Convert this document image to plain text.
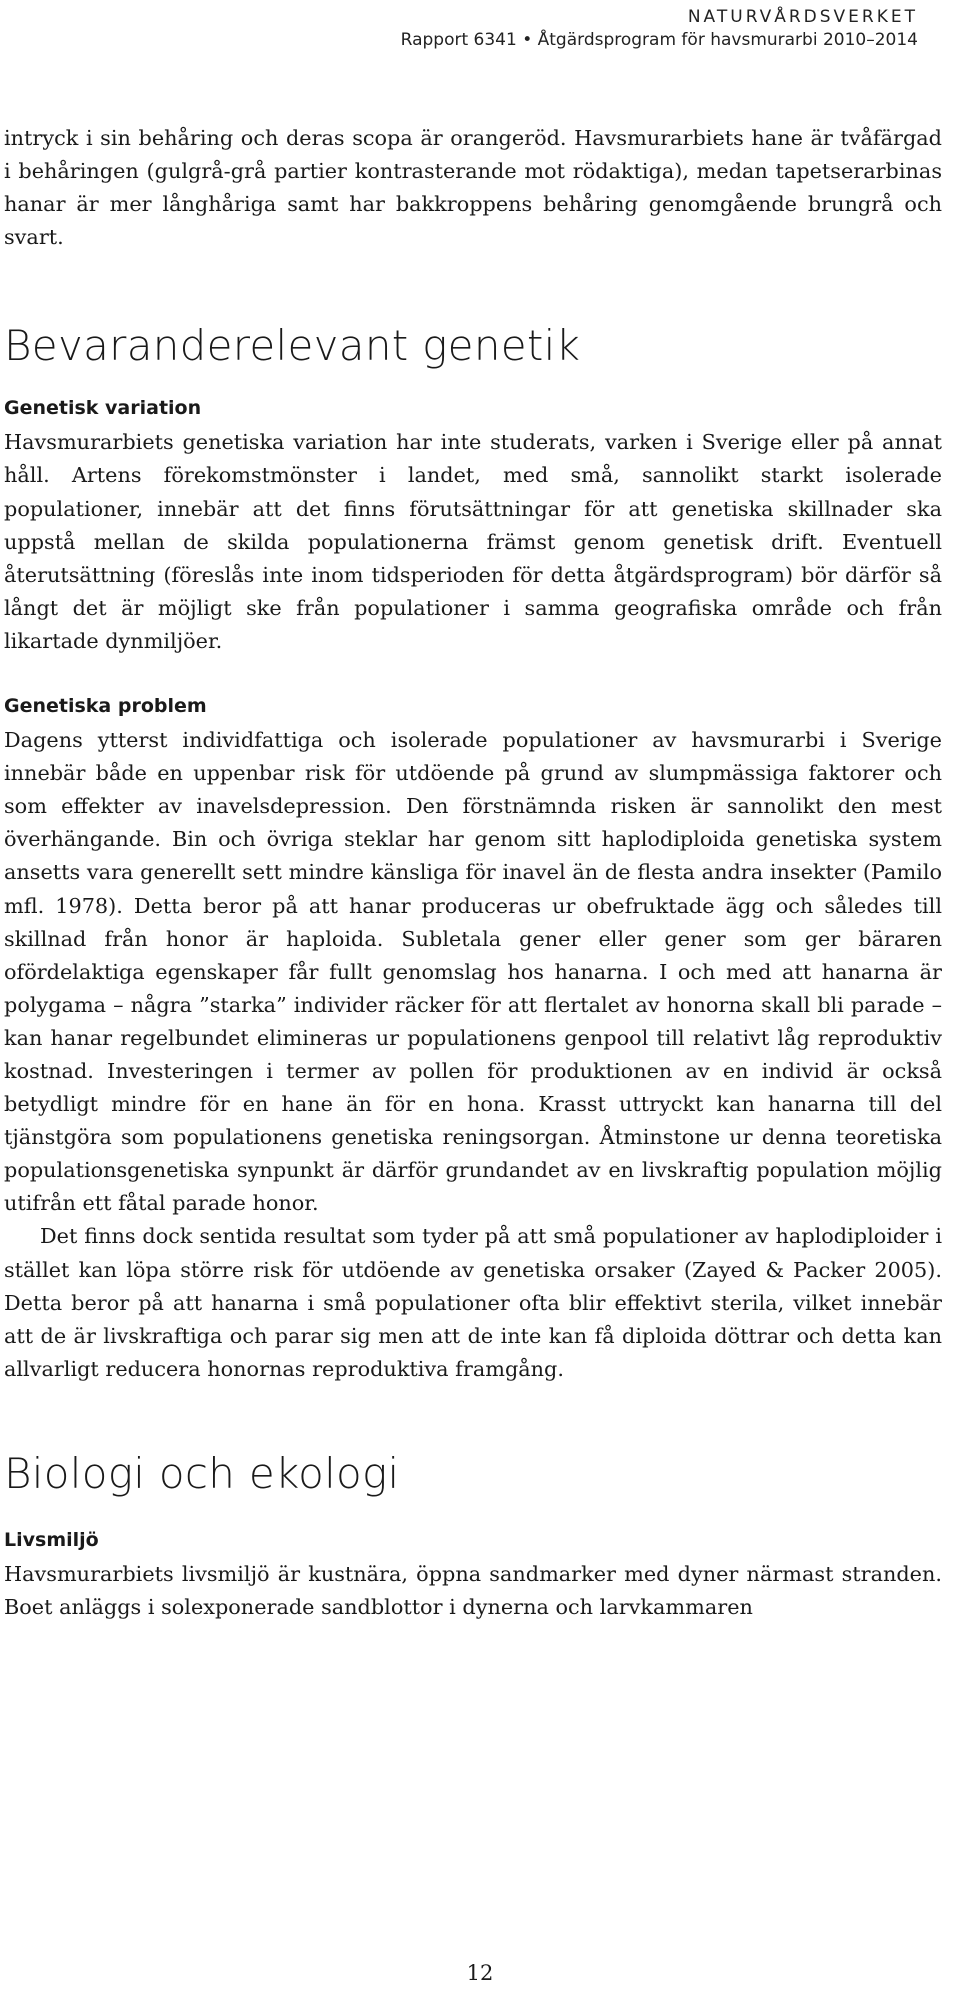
NATURVÅRDSVERKET
Rapport 6341 • Åtgärdsprogram för havsmurarbi 2010–2014

intryck i sin behåring och deras scopa är orangeröd. Havsmurarbiets hane är tvåfärgad i behåringen (gulgrå-grå partier kontrasterande mot rödaktiga), medan tapetserarbinas hanar är mer långhåriga samt har bakkroppens behåring genomgående brungrå och svart.

Bevaranderelevant genetik
Genetisk variation

Havsmurarbiets genetiska variation har inte studerats, varken i Sverige eller på annat håll. Artens förekomstmönster i landet, med små, sannolikt starkt isolerade populationer, innebär att det finns förutsättningar för att genetiska skillnader ska uppstå mellan de skilda populationerna främst genom genetisk drift. Eventuell återutsättning (föreslås inte inom tidsperioden för detta åtgärdsprogram) bör därför så långt det är möjligt ske från populationer i samma geografiska område och från likartade dynmiljöer.

Genetiska problem

Dagens ytterst individfattiga och isolerade populationer av havsmurarbi i Sverige innebär både en uppenbar risk för utdöende på grund av slumpmässiga faktorer och som effekter av inavelsdepression. Den förstnämnda risken är sannolikt den mest överhängande. Bin och övriga steklar har genom sitt haplodiploida genetiska system ansetts vara generellt sett mindre känsliga för inavel än de flesta andra insekter (Pamilo mfl. 1978). Detta beror på att hanar produceras ur obefruktade ägg och således till skillnad från honor är haploida. Subletala gener eller gener som ger bäraren ofördelaktiga egenskaper får fullt genomslag hos hanarna. I och med att hanarna är polygama – några ”starka” individer räcker för att flertalet av honorna skall bli parade – kan hanar regelbundet elimineras ur populationens genpool till relativt låg reproduktiv kostnad. Investeringen i termer av pollen för produktionen av en individ är också betydligt mindre för en hane än för en hona. Krasst uttryckt kan hanarna till del tjänstgöra som populationens genetiska reningsorgan. Åtminstone ur denna teoretiska populationsgenetiska synpunkt är därför grundandet av en livskraftig population möjlig utifrån ett fåtal parade honor.

Det finns dock sentida resultat som tyder på att små populationer av haplodiploider i stället kan löpa större risk för utdöende av genetiska orsaker (Zayed & Packer 2005). Detta beror på att hanarna i små populationer ofta blir effektivt sterila, vilket innebär att de är livskraftiga och parar sig men att de inte kan få diploida döttrar och detta kan allvarligt reducera honornas reproduktiva framgång.

Biologi och ekologi
Livsmiljö

Havsmurarbiets livsmiljö är kustnära, öppna sandmarker med dyner närmast stranden. Boet anläggs i solexponerade sandblottor i dynerna och larvkammaren

12
